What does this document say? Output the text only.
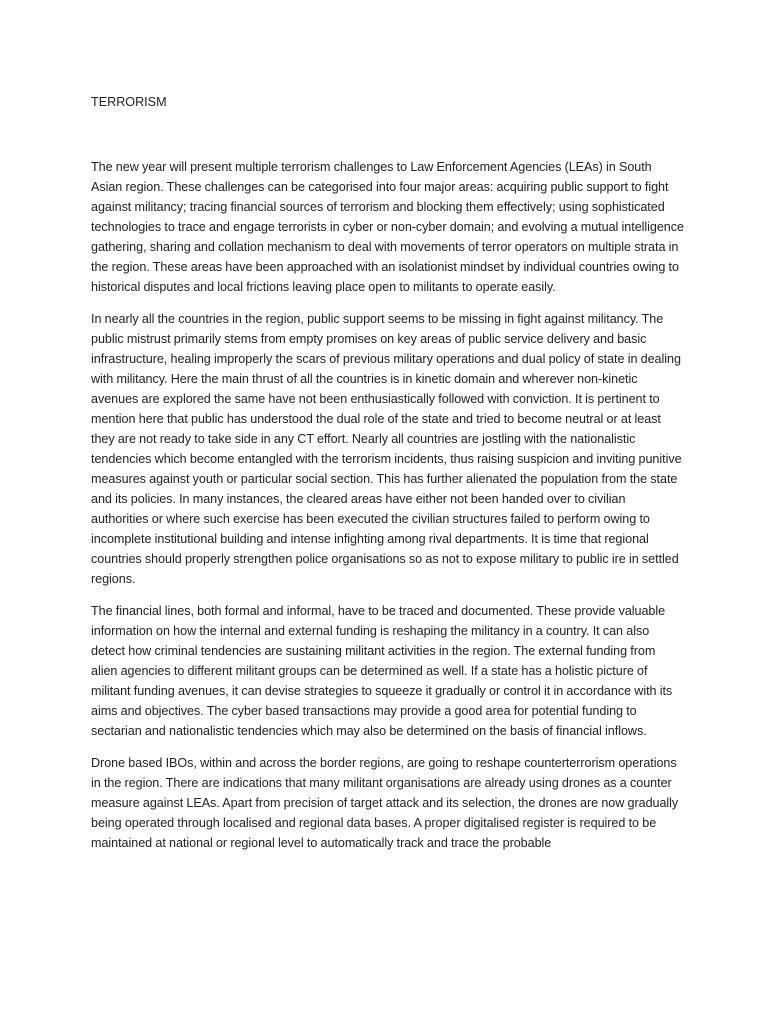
TERRORISM

The new year will present multiple terrorism challenges to Law Enforcement Agencies (LEAs) in South Asian region. These challenges can be categorised into four major areas: acquiring public support to fight against militancy; tracing financial sources of terrorism and blocking them effectively; using sophisticated technologies to trace and engage terrorists in cyber or non-cyber domain; and evolving a mutual intelligence gathering, sharing and collation mechanism to deal with movements of terror operators on multiple strata in the region. These areas have been approached with an isolationist mindset by individual countries owing to historical disputes and local frictions leaving place open to militants to operate easily.

In nearly all the countries in the region, public support seems to be missing in fight against militancy. The public mistrust primarily stems from empty promises on key areas of public service delivery and basic infrastructure, healing improperly the scars of previous military operations and dual policy of state in dealing with militancy. Here the main thrust of all the countries is in kinetic domain and wherever non-kinetic avenues are explored the same have not been enthusiastically followed with conviction. It is pertinent to mention here that public has understood the dual role of the state and tried to become neutral or at least they are not ready to take side in any CT effort. Nearly all countries are jostling with the nationalistic tendencies which become entangled with the terrorism incidents, thus raising suspicion and inviting punitive measures against youth or particular social section. This has further alienated the population from the state and its policies. In many instances, the cleared areas have either not been handed over to civilian authorities or where such exercise has been executed the civilian structures failed to perform owing to incomplete institutional building and intense infighting among rival departments. It is time that regional countries should properly strengthen police organisations so as not to expose military to public ire in settled regions.

The financial lines, both formal and informal, have to be traced and documented. These provide valuable information on how the internal and external funding is reshaping the militancy in a country. It can also detect how criminal tendencies are sustaining militant activities in the region. The external funding from alien agencies to different militant groups can be determined as well. If a state has a holistic picture of militant funding avenues, it can devise strategies to squeeze it gradually or control it in accordance with its aims and objectives. The cyber based transactions may provide a good area for potential funding to sectarian and nationalistic tendencies which may also be determined on the basis of financial inflows.

Drone based IBOs, within and across the border regions, are going to reshape counterterrorism operations in the region. There are indications that many militant organisations are already using drones as a counter measure against LEAs. Apart from precision of target attack and its selection, the drones are now gradually being operated through localised and regional data bases. A proper digitalised register is required to be maintained at national or regional level to automatically track and trace the probable
